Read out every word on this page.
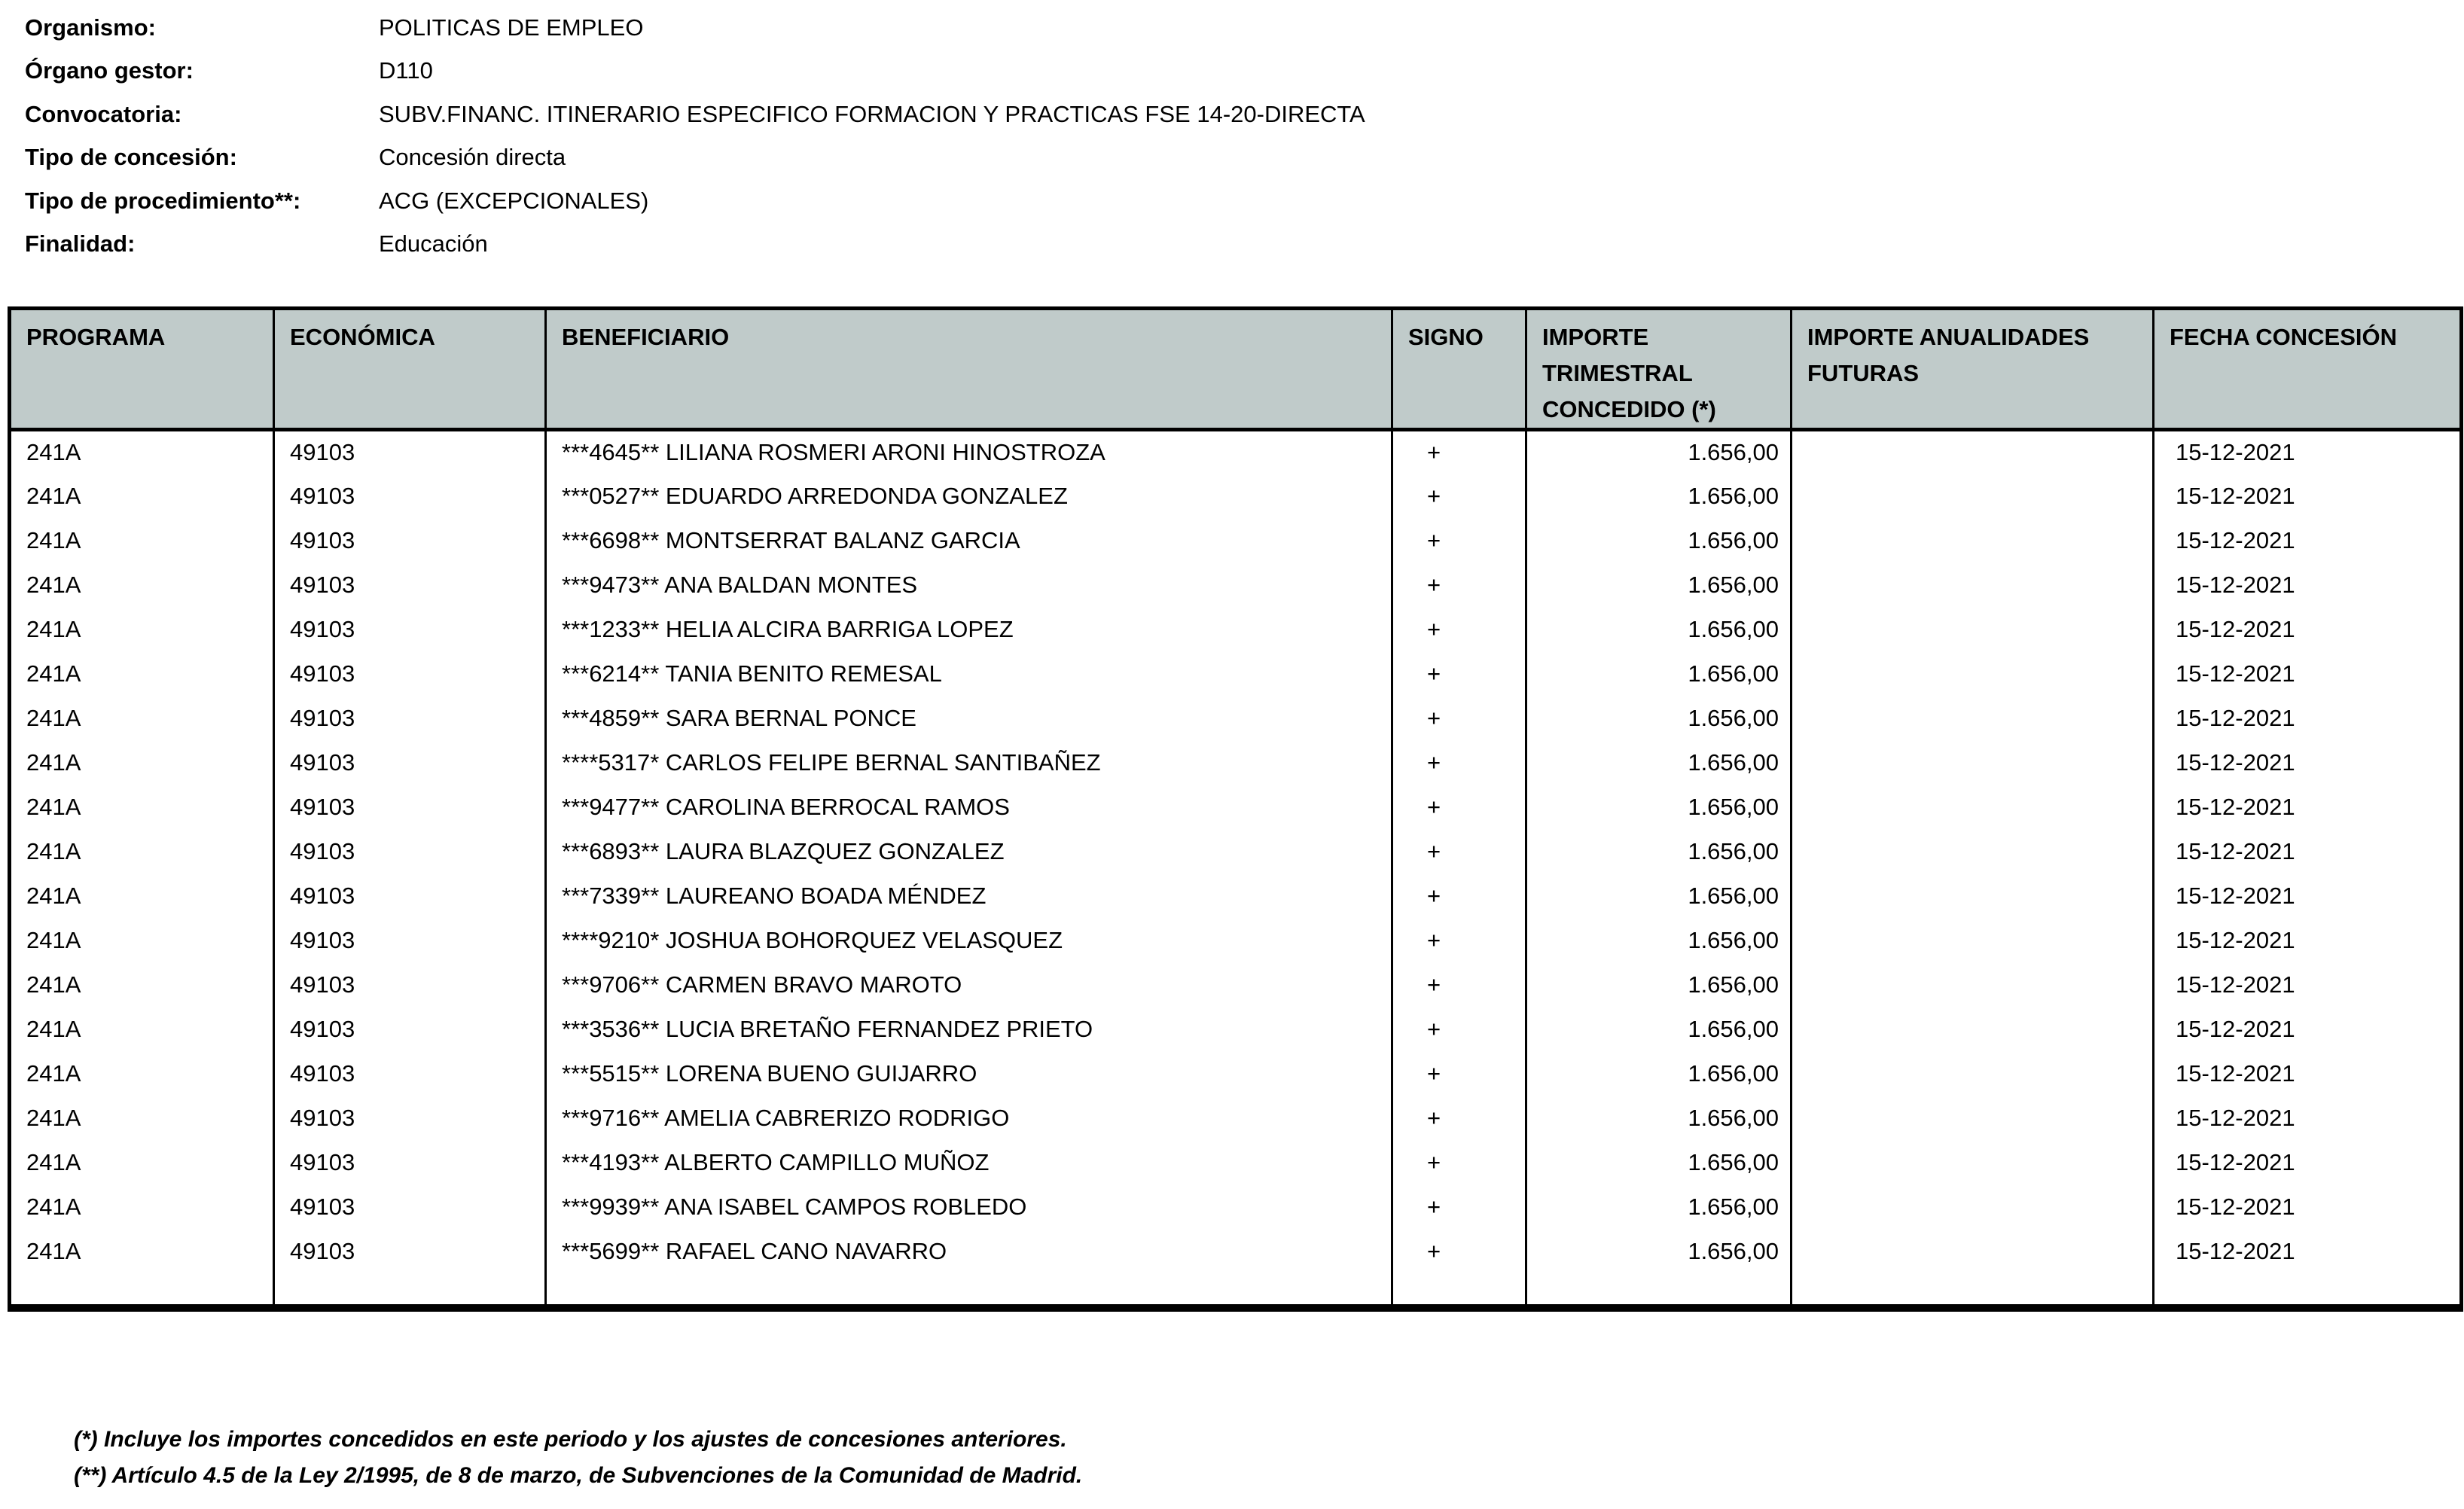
Organismo:	POLITICAS DE EMPLEO
Órgano gestor:	D110
Convocatoria:	SUBV.FINANC. ITINERARIO ESPECIFICO FORMACION Y PRACTICAS FSE 14-20-DIRECTA
Tipo de concesión:	Concesión directa
Tipo de procedimiento**:	ACG (EXCEPCIONALES)
Finalidad:	Educación
PROGRAMA	ECONÓMICA	BENEFICIARIO	SIGNO	IMPORTE TRIMESTRAL CONCEDIDO (*)	IMPORTE ANUALIDADES FUTURAS	FECHA CONCESIÓN
241A	49103	***4645** LILIANA ROSMERI ARONI HINOSTROZA	+	1.656,00		15-12-2021
241A	49103	***0527** EDUARDO ARREDONDA GONZALEZ	+	1.656,00		15-12-2021
241A	49103	***6698** MONTSERRAT BALANZ GARCIA	+	1.656,00		15-12-2021
241A	49103	***9473** ANA BALDAN MONTES	+	1.656,00		15-12-2021
241A	49103	***1233** HELIA ALCIRA BARRIGA LOPEZ	+	1.656,00		15-12-2021
241A	49103	***6214** TANIA BENITO REMESAL	+	1.656,00		15-12-2021
241A	49103	***4859** SARA BERNAL PONCE	+	1.656,00		15-12-2021
241A	49103	****5317* CARLOS FELIPE BERNAL SANTIBAÑEZ	+	1.656,00		15-12-2021
241A	49103	***9477** CAROLINA BERROCAL RAMOS	+	1.656,00		15-12-2021
241A	49103	***6893** LAURA BLAZQUEZ GONZALEZ	+	1.656,00		15-12-2021
241A	49103	***7339** LAUREANO BOADA MÉNDEZ	+	1.656,00		15-12-2021
241A	49103	****9210* JOSHUA BOHORQUEZ VELASQUEZ	+	1.656,00		15-12-2021
241A	49103	***9706** CARMEN BRAVO MAROTO	+	1.656,00		15-12-2021
241A	49103	***3536** LUCIA BRETAÑO FERNANDEZ PRIETO	+	1.656,00		15-12-2021
241A	49103	***5515** LORENA BUENO GUIJARRO	+	1.656,00		15-12-2021
241A	49103	***9716** AMELIA CABRERIZO RODRIGO	+	1.656,00		15-12-2021
241A	49103	***4193** ALBERTO CAMPILLO MUÑOZ	+	1.656,00		15-12-2021
241A	49103	***9939** ANA ISABEL CAMPOS ROBLEDO	+	1.656,00		15-12-2021
241A	49103	***5699** RAFAEL CANO NAVARRO	+	1.656,00		15-12-2021

(*) Incluye los importes concedidos en este periodo y los ajustes de concesiones anteriores.
(**) Artículo 4.5 de la Ley 2/1995, de 8 de marzo, de Subvenciones de la Comunidad de Madrid.
